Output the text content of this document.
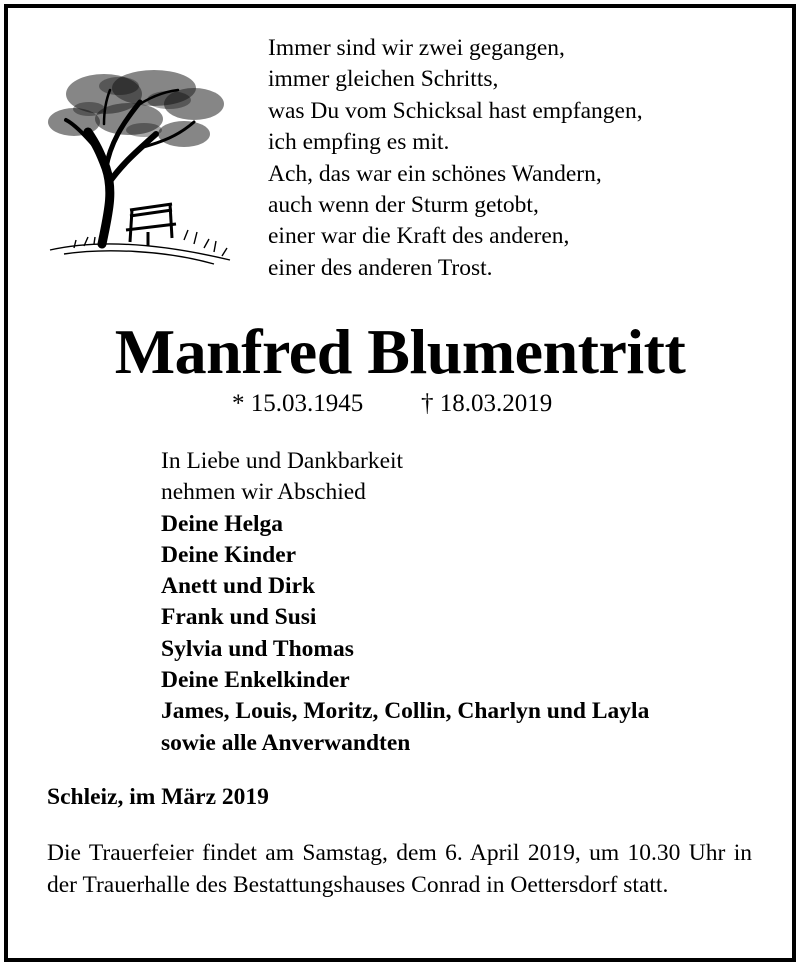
Immer sind wir zwei gegangen,
immer gleichen Schritts,
was Du vom Schicksal hast empfangen,
ich empfing es mit.
Ach, das war ein schönes Wandern,
auch wenn der Sturm getobt,
einer war die Kraft des anderen,
einer des anderen Trost.
Manfred Blumentritt
* 15.03.1945 † 18.03.2019
In Liebe und Dankbarkeit
nehmen wir Abschied
Deine Helga
Deine Kinder
Anett und Dirk
Frank und Susi
Sylvia und Thomas
Deine Enkelkinder
James, Louis, Moritz, Collin, Charlyn und Layla
sowie alle Anverwandten
Schleiz, im März 2019
Die Trauerfeier findet am Samstag, dem 6. April 2019, um 10.30 Uhr in der Trauerhalle des Bestattungshauses Conrad in Oettersdorf statt.
